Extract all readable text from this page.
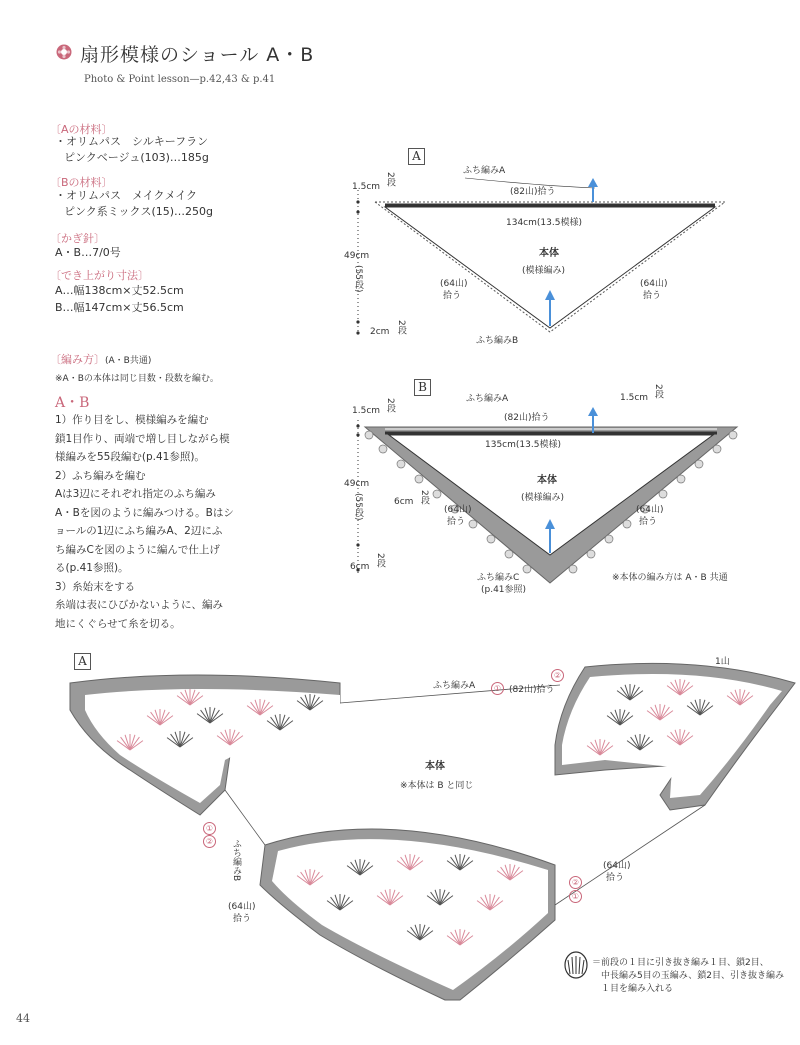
扇形模様のショール A・B
Photo & Point lesson—p.42,43 & p.41
〔Aの材料〕
・オリムパス　シルキーフラン
ピンクベージュ(103)…185g
〔Bの材料〕
・オリムパス　メイクメイク
ピンク系ミックス(15)…250g
〔かぎ針〕
A・B…7/0号
〔でき上がり寸法〕
A…幅138cm×丈52.5cm
B…幅147cm×丈56.5cm
〔編み方〕(A・B共通)
※A・Bの本体は同じ目数・段数を編む。
A・B
1）作り目をし、模様編みを編む
鎖1目作り、両端で増し目しながら模
様編みを55段編む(p.41参照)。
2）ふち編みを編む
Aは3辺にそれぞれ指定のふち編み
A・Bを図のように編みつける。Bはシ
ョールの1辺にふち編みA、2辺にふ
ち編みCを図のように編んで仕上げ
る(p.41参照)。
3）糸始末をする
糸端は表にひびかないように、編み
地にくぐらせて糸を切る。
A
ふち編みA
(82山)拾う
134cm(13.5模様)
本体
(模様編み)
(64山)
拾う
(64山)
拾う
ふち編みB
1.5cm
2段
49cm
(55段)
2cm 2段
B
ふち編みA
(82山)拾う
135cm(13.5模様)
本体
(模様編み)
(64山)
拾う
(64山)
拾う
ふち編みC
(p.41参照)
1.5cm 2段	1.5cm 2段
49cm
(55段)	6cm 2段
6cm 2段
※本体の編み方は A・B 共通
A
ふち編みA	(82山)拾う
②
①
1山
本体
※本体は B と同じ
ふち編みB
(64山)
拾う
(64山)
拾う
①
②
②
①
＝前段の１目に引き抜き編み１目、鎖2目、
中長編み5目の玉編み、鎖2目、引き抜き編み
１目を編み入れる
44
